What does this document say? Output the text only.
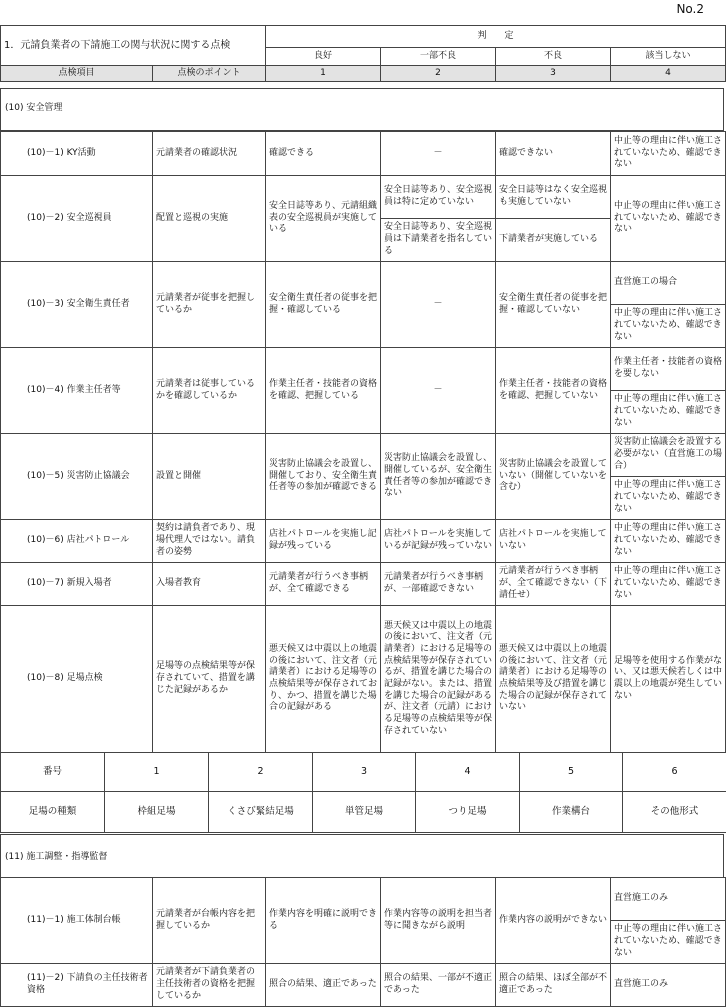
No.2
1．元請負業者の下請施工の関与状況に関する点検		判　　定			
		良好	一部不良	不良	該当しない
点検項目	点検のポイント	1	2	3	4
(10) 安全管理
(10)－1) KY活動	元請業者の確認状況	確認できる	－	確認できない	中止等の理由に伴い施工されていないため、確認できない
(10)－2) 安全巡視員	配置と巡視の実施	安全日誌等あり、元請組織表の安全巡視員が実施している	安全日誌等あり、安全巡視員は特に定めていない	安全日誌等はなく安全巡視も実施していない	中止等の理由に伴い施工されていないため、確認できない
			安全日誌等あり、安全巡視員は下請業者を指名している	下請業者が実施している	
(10)－3) 安全衛生責任者	元請業者が従事を把握しているか	安全衛生責任者の従事を把握・確認している	－	安全衛生責任者の従事を把握・確認していない	直営施工の場合
					中止等の理由に伴い施工されていないため、確認できない
(10)－4) 作業主任者等	元請業者は従事しているかを確認しているか	作業主任者・技能者の資格を確認、把握している	－	作業主任者・技能者の資格を確認、把握していない	作業主任者・技能者の資格を要しない
					中止等の理由に伴い施工されていないため、確認できない
(10)－5) 災害防止協議会	設置と開催	災害防止協議会を設置し、開催しており、安全衛生責任者等の参加が確認できる	災害防止協議会を設置し、開催しているが、安全衛生責任者等の参加が確認できない	災害防止協議会を設置していない（開催していないを含む）	災害防止協議会を設置する必要がない（直営施工の場合）
					中止等の理由に伴い施工されていないため、確認できない
(10)－6) 店社パトロール	契約は請負者であり、現場代理人ではない。請負者の姿勢	店社パトロールを実施し記録が残っている	店社パトロールを実施しているが記録が残っていない	店社パトロールを実施していない	中止等の理由に伴い施工されていないため、確認できない
(10)－7) 新規入場者	入場者教育	元請業者が行うべき事柄が、全て確認できる	元請業者が行うべき事柄が、一部確認できない	元請業者が行うべき事柄が、全て確認できない（下請任せ）	中止等の理由に伴い施工されていないため、確認できない
(10)－8) 足場点検	足場等の点検結果等が保存されていて、措置を講じた記録があるか	悪天候又は中震以上の地震の後において、注文者（元請業者）における足場等の点検結果等が保存されており、かつ、措置を講じた場合の記録がある	悪天候又は中震以上の地震の後において、注文者（元請業者）における足場等の点検結果等が保存されているが、措置を講じた場合の記録がない。または、措置を講じた場合の記録があるが、注文者（元請）における足場等の点検結果等が保存されていない	悪天候又は中震以上の地震の後において、注文者（元請業者）における足場等の点検結果等及び措置を講じた場合の記録が保存されていない	足場等を使用する作業がない、又は悪天候若しくは中震以上の地震が発生していない
番号	1	2	3	4	5	6
足場の種類	枠組足場	くさび緊結足場	単管足場	つり足場	作業構台	その他形式
(11) 施工調整・指導監督
(11)－1) 施工体制台帳	元請業者が台帳内容を把握しているか	作業内容を明確に説明できる	作業内容等の説明を担当者等に聞きながら説明	作業内容の説明ができない	直営施工のみ
					中止等の理由に伴い施工されていないため、確認できない
(11)－2) 下請負の主任技術者資格	元請業者が下請負業者の主任技術者の資格を把握しているか	照合の結果、適正であった	照合の結果、一部が不適正であった	照合の結果、ほぼ全部が不適正であった	直営施工のみ
